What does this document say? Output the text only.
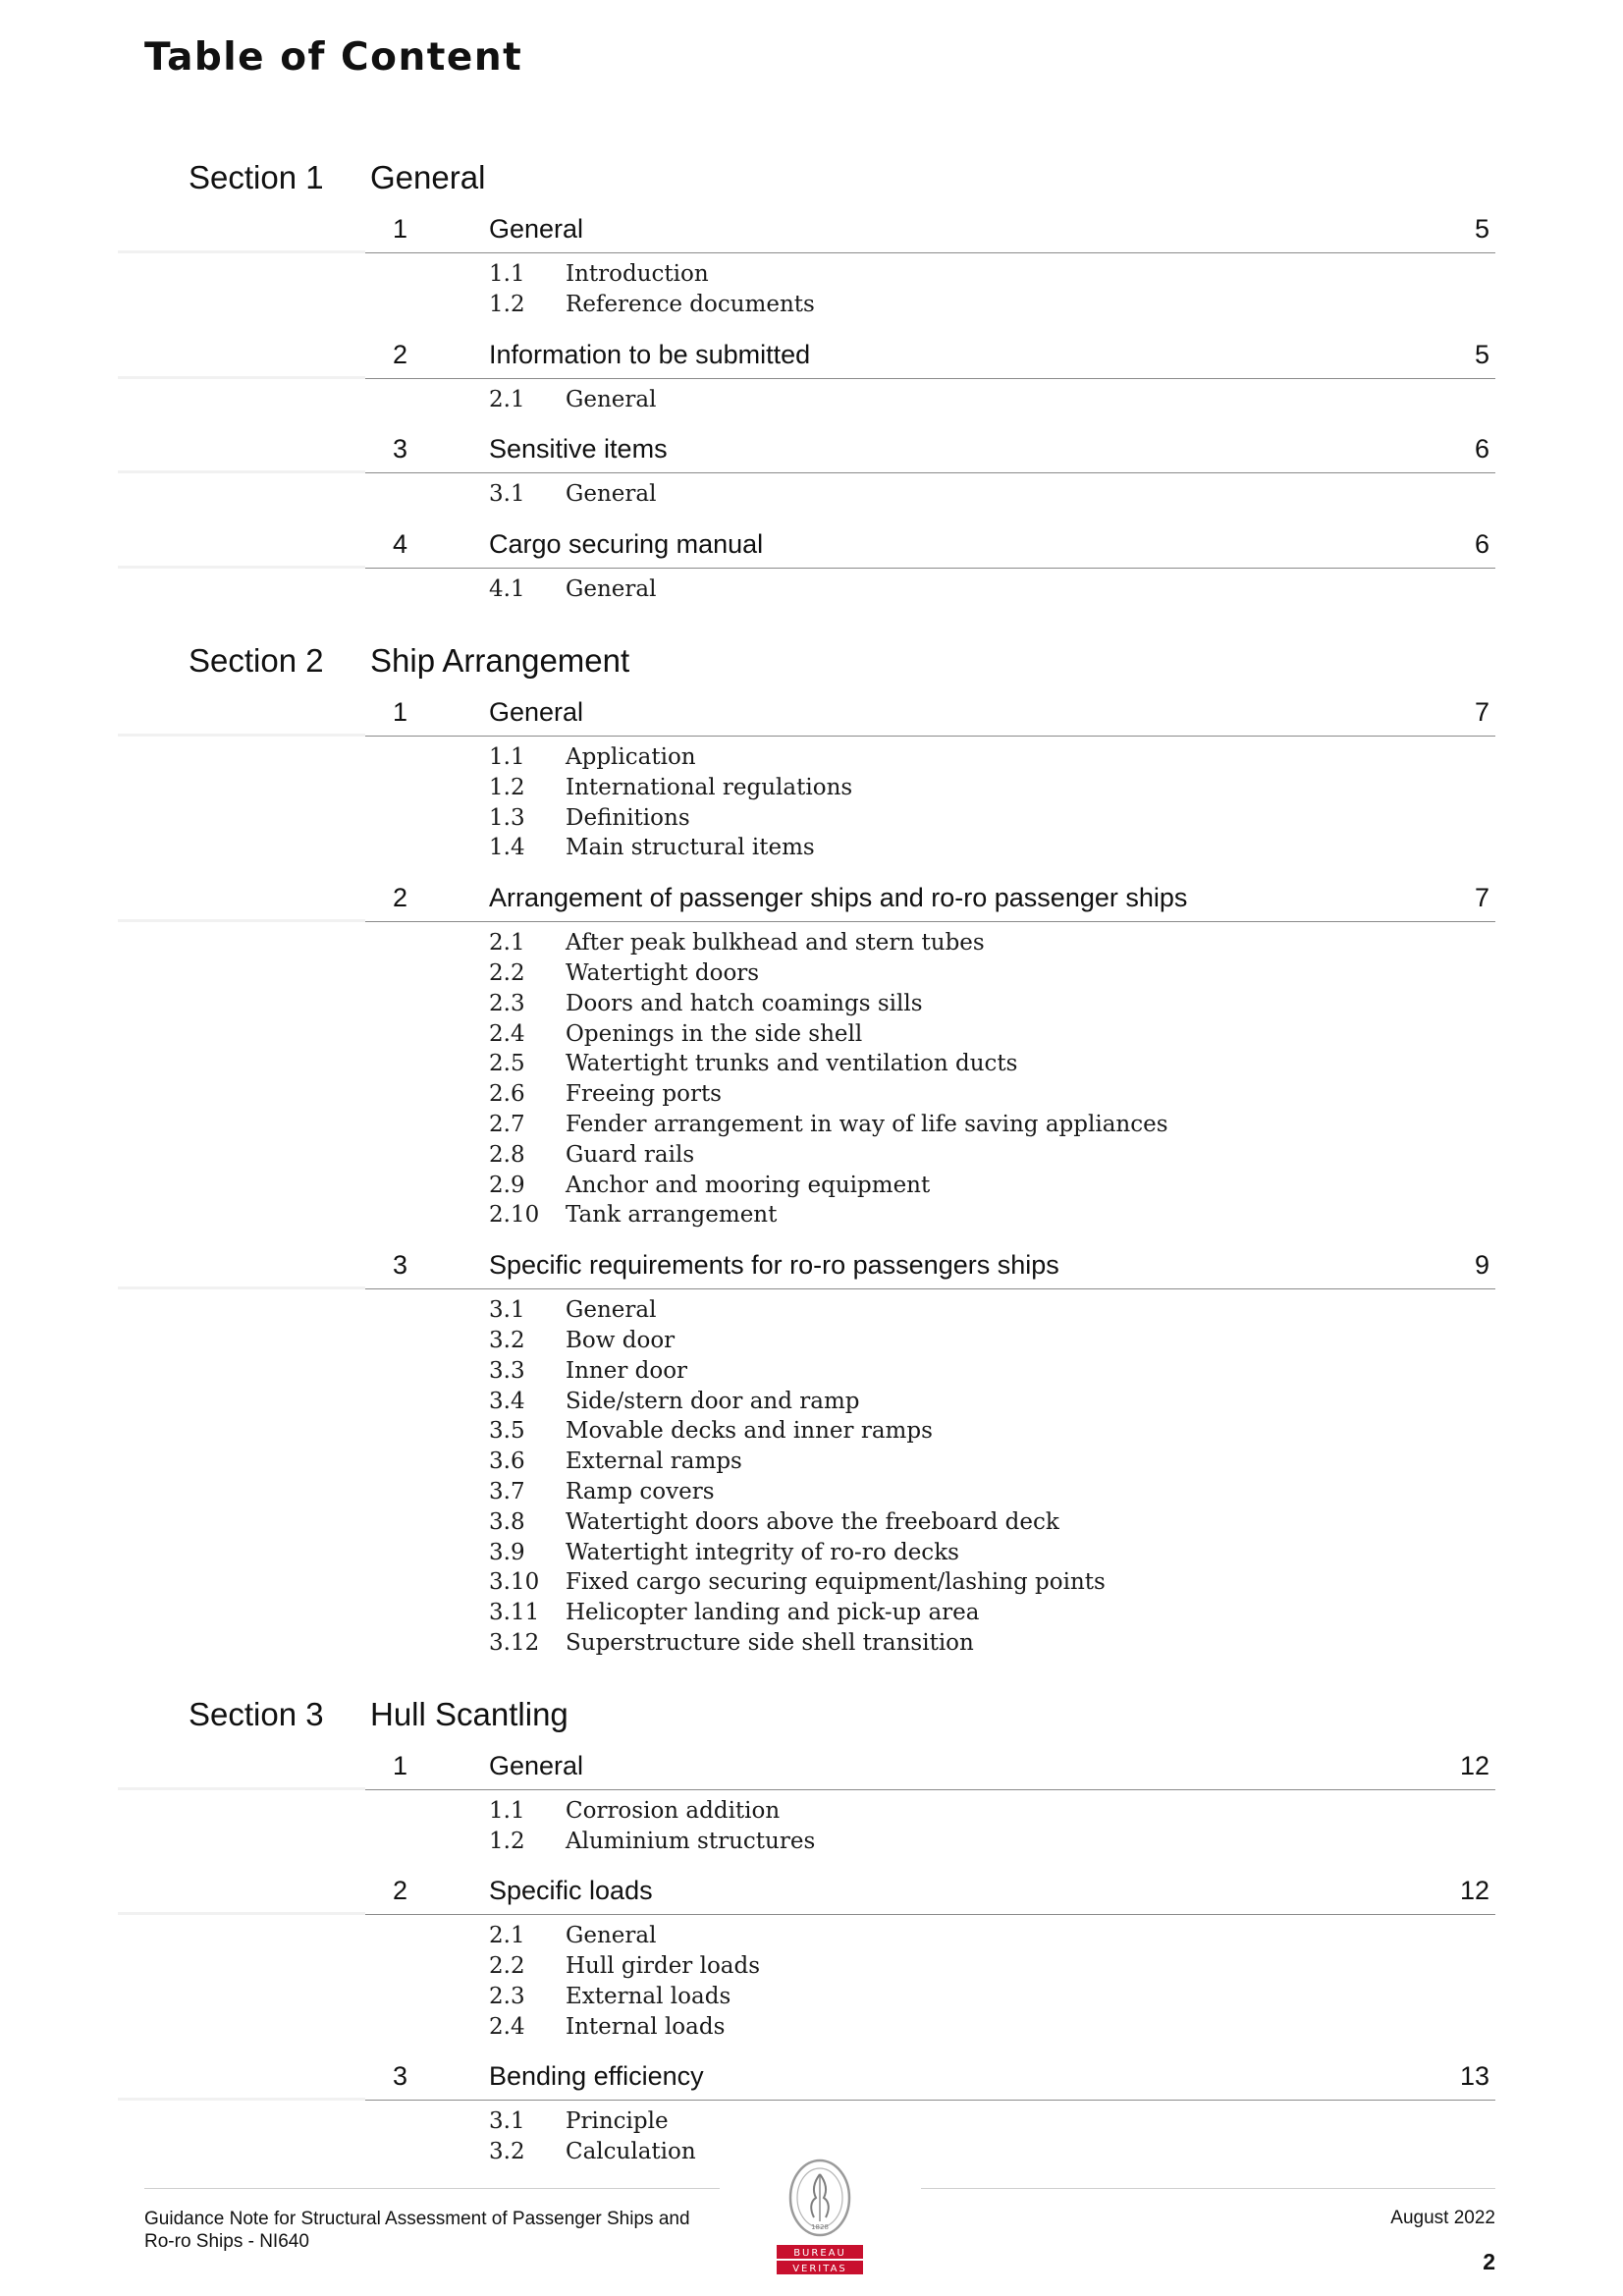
Table of Content
Section 1 General
1	General	5
1.1 Introduction
1.2 Reference documents
2	Information to be submitted	5
2.1 General
3	Sensitive items	6
3.1 General
4	Cargo securing manual	6
4.1 General
Section 2 Ship Arrangement
1	General	7
1.1 Application
1.2 International regulations
1.3 Definitions
1.4 Main structural items
2	Arrangement of passenger ships and ro-ro passenger ships	7
2.1 After peak bulkhead and stern tubes
2.2 Watertight doors
2.3 Doors and hatch coamings sills
2.4 Openings in the side shell
2.5 Watertight trunks and ventilation ducts
2.6 Freeing ports
2.7 Fender arrangement in way of life saving appliances
2.8 Guard rails
2.9 Anchor and mooring equipment
2.10 Tank arrangement
3	Specific requirements for ro-ro passengers ships	9
3.1 General
3.2 Bow door
3.3 Inner door
3.4 Side/stern door and ramp
3.5 Movable decks and inner ramps
3.6 External ramps
3.7 Ramp covers
3.8 Watertight doors above the freeboard deck
3.9 Watertight integrity of ro-ro decks
3.10 Fixed cargo securing equipment/lashing points
3.11 Helicopter landing and pick-up area
3.12 Superstructure side shell transition
Section 3 Hull Scantling
1	General	12
1.1 Corrosion addition
1.2 Aluminium structures
2	Specific loads	12
2.1 General
2.2 Hull girder loads
2.3 External loads
2.4 Internal loads
3	Bending efficiency	13
3.1 Principle
3.2 Calculation
Guidance Note for Structural Assessment of Passenger Ships and
Ro-ro Ships - NI640
August 2022
2
1828
BUREAU
VERITAS
